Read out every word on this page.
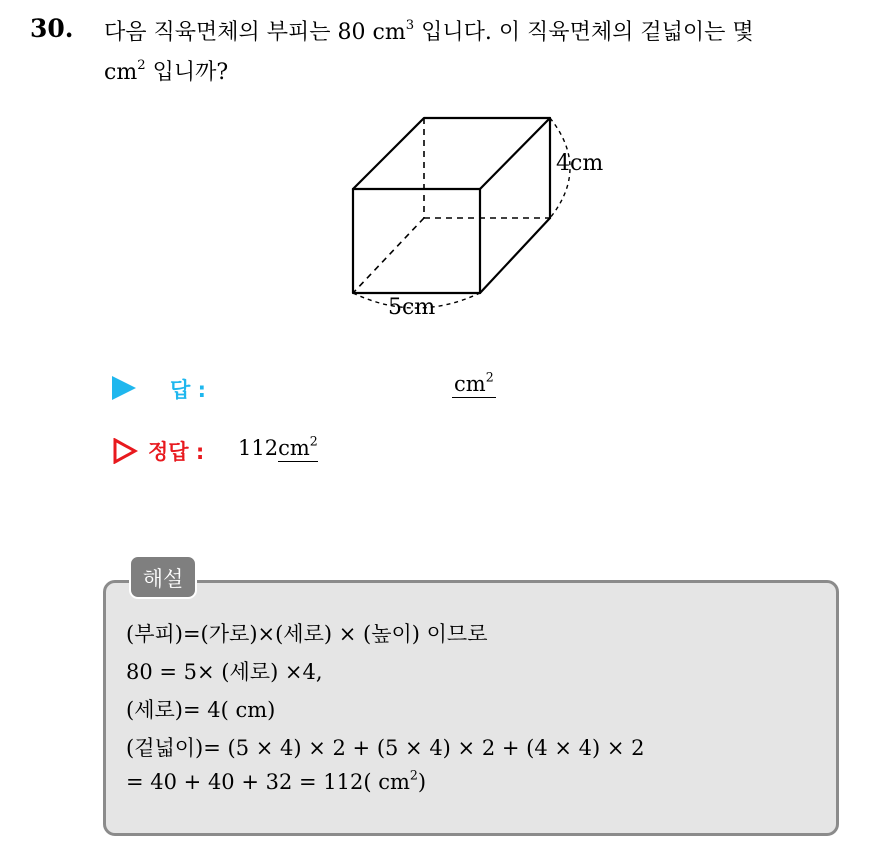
30. 다음 직육면체의 부피는 80 $cm^3$ 입니다. 이 직육면체의 겉넓이는 몇
$cm^2$ 입니까?
4cm
5cm
답 :	$cm^2$
정답 : $112cm^2$
해설
(부피)=(가로)×(세로) × (높이) 이므로
80 = 5× (세로) ×4,
(세로)= 4( cm)
(겉넓이)= (5 × 4) × 2 + (5 × 4) × 2 + (4 × 4) × 2
= 40 + 40 + 32 = 112( $cm^2$)
